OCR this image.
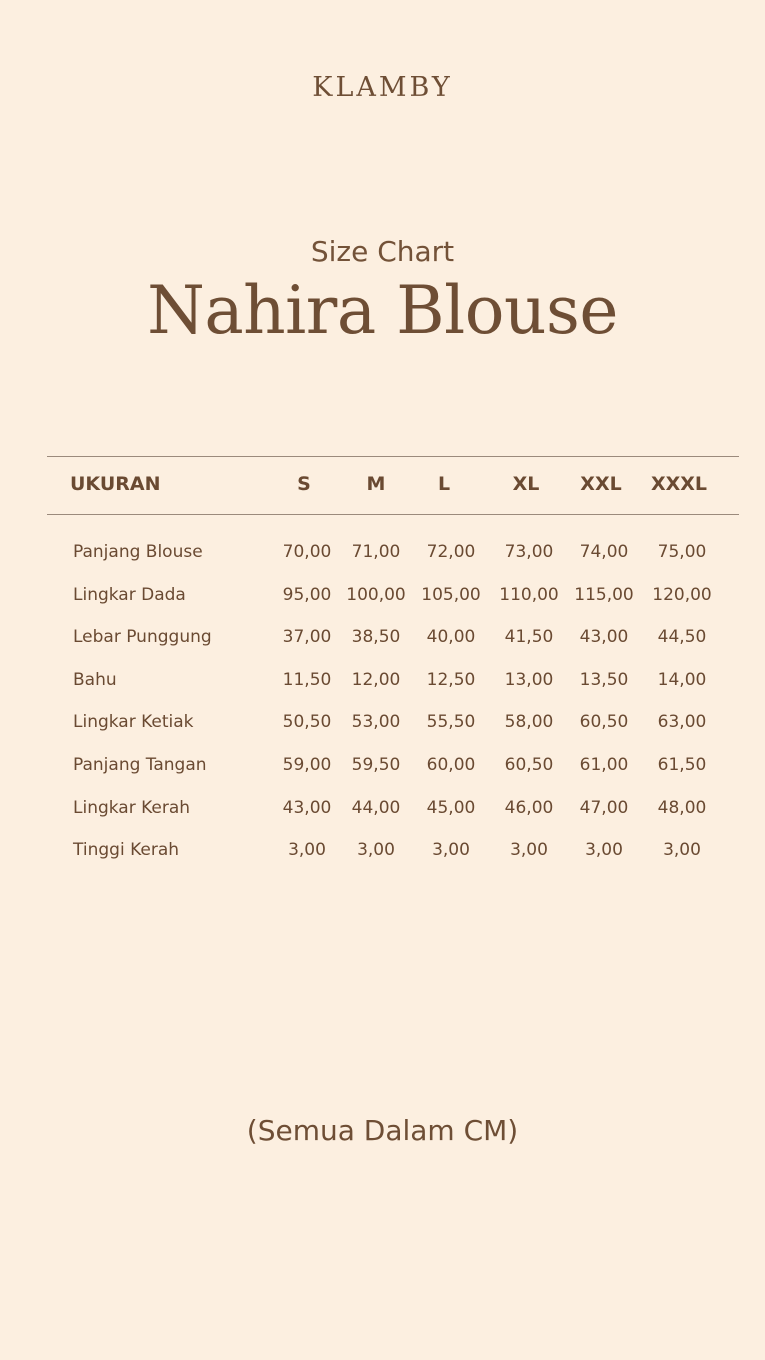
KLAMBY
Size Chart
Nahira Blouse
UKURAN	S	M	L	XL XXL XXXL
Panjang Blouse	70,00 71,00 72,00 73,00 74,00 75,00
Lingkar Dada	95,00 100,00 105,00 110,00 115,00 120,00
Lebar Punggung	37,00 38,50 40,00 41,50 43,00 44,50
Bahu	11,50 12,00 12,50 13,00 13,50 14,00
Lingkar Ketiak	50,50 53,00 55,50 58,00 60,50 63,00
Panjang Tangan	59,00 59,50 60,00 60,50 61,00 61,50
Lingkar Kerah	43,00 44,00 45,00 46,00 47,00 48,00
Tinggi Kerah	3,00 3,00 3,00 3,00 3,00 3,00
(Semua Dalam CM)
